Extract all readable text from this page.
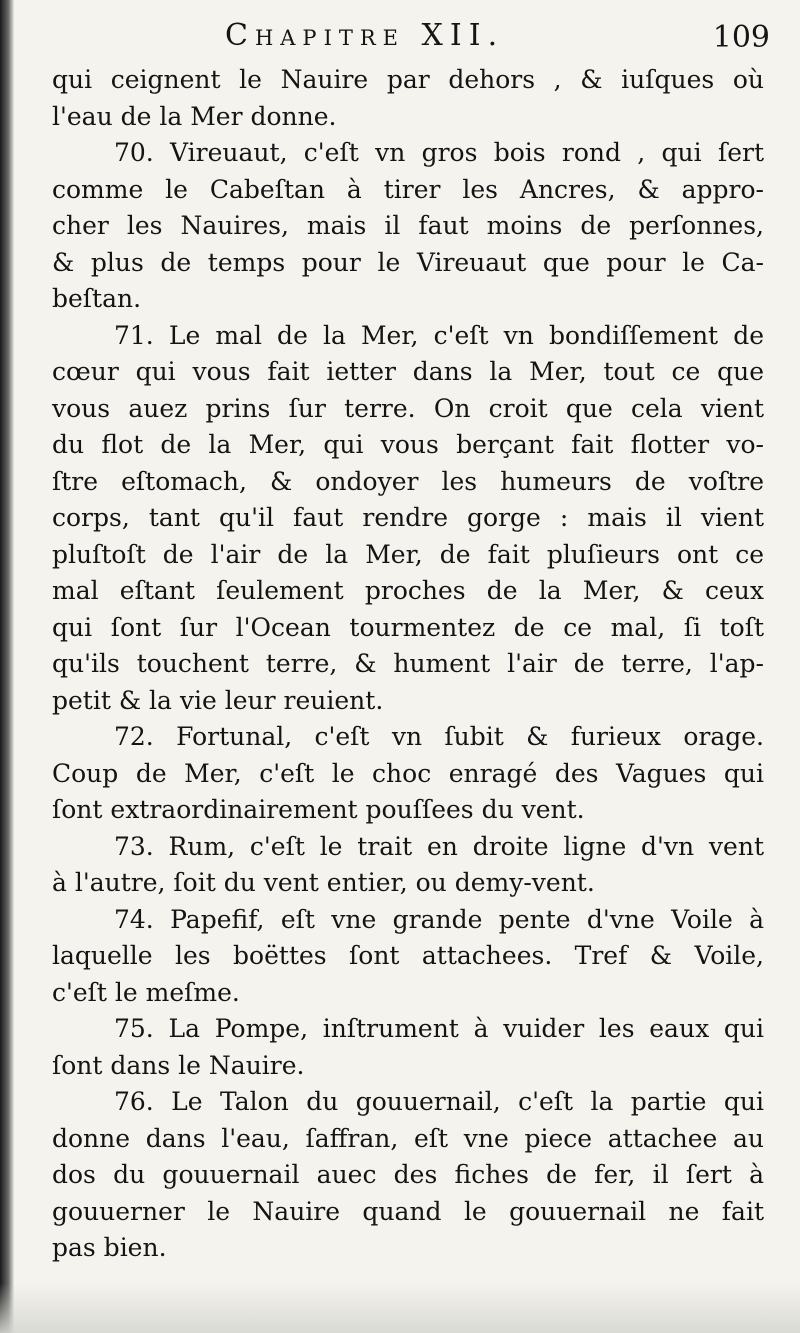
Chapitre XII.	109
qui ceignent le Nauire par dehors , & iuſques où
l'eau de la Mer donne.
70. Vireuaut, c'eſt vn gros bois rond , qui ſert
comme le Cabeſtan à tirer les Ancres, & appro-
cher les Nauires, mais il faut moins de perſonnes,
& plus de temps pour le Vireuaut que pour le Ca-
beſtan.
71. Le mal de la Mer, c'eſt vn bondiſſement de
cœur qui vous fait ietter dans la Mer, tout ce que
vous auez prins ſur terre. On croit que cela vient
du flot de la Mer, qui vous berçant fait flotter vo-
ſtre eſtomach, & ondoyer les humeurs de voſtre
corps, tant qu'il faut rendre gorge : mais il vient
pluſtoſt de l'air de la Mer, de fait pluſieurs ont ce
mal eſtant ſeulement proches de la Mer, & ceux
qui ſont ſur l'Ocean tourmentez de ce mal, ſi toſt
qu'ils touchent terre, & hument l'air de terre, l'ap-
petit & la vie leur reuient.
72. Fortunal, c'eſt vn ſubit & furieux orage.
Coup de Mer, c'eſt le choc enragé des Vagues qui
ſont extraordinairement pouſſees du vent.
73. Rum, c'eſt le trait en droite ligne d'vn vent
à l'autre, ſoit du vent entier, ou demy-vent.
74. Papefif, eſt vne grande pente d'vne Voile à
laquelle les boëttes ſont attachees. Tref & Voile,
c'eſt le meſme.
75. La Pompe, inſtrument à vuider les eaux qui
ſont dans le Nauire.
76. Le Talon du gouuernail, c'eſt la partie qui
donne dans l'eau, ſaffran, eſt vne piece attachee au
dos du gouuernail auec des fiches de fer, il ſert à
gouuerner le Nauire quand le gouuernail ne fait
pas bien.
